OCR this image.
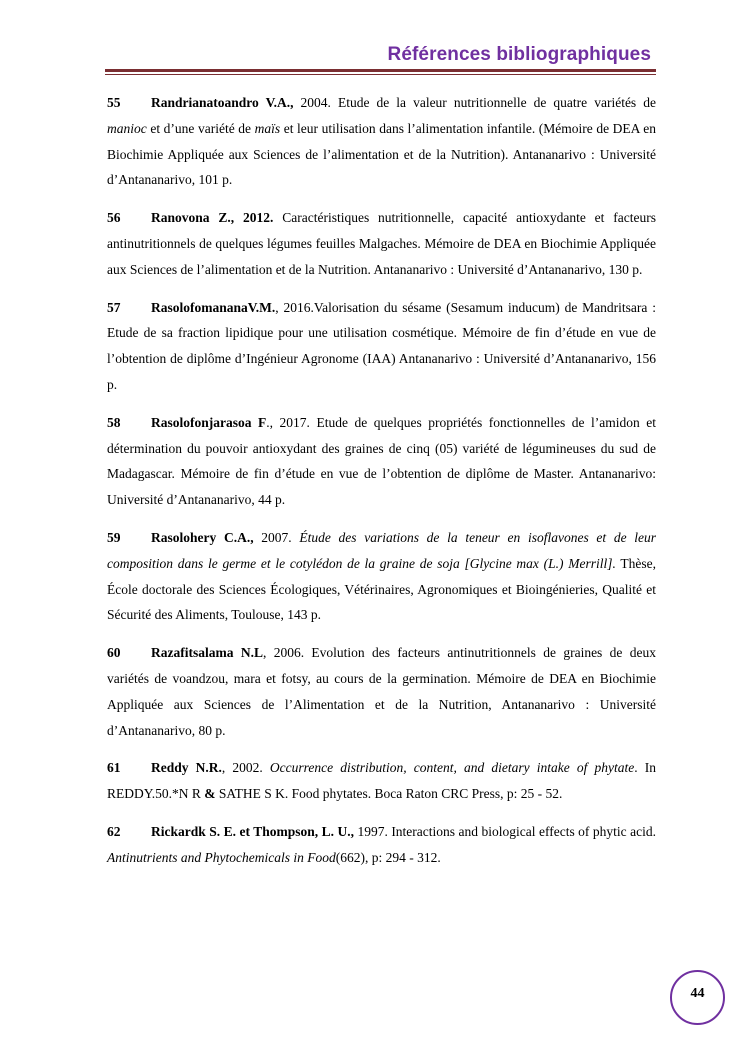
Références bibliographiques

55 Randrianatoandro V.A., 2004. Etude de la valeur nutritionnelle de quatre variétés de manioc et d’une variété de maïs et leur utilisation dans l’alimentation infantile. (Mémoire de DEA en Biochimie Appliquée aux Sciences de l’alimentation et de la Nutrition). Antananarivo : Université d’Antananarivo, 101 p.

56 Ranovona Z., 2012. Caractéristiques nutritionnelle, capacité antioxydante et facteurs antinutritionnels de quelques légumes feuilles Malgaches. Mémoire de DEA en Biochimie Appliquée aux Sciences de l’alimentation et de la Nutrition. Antananarivo : Université d’Antananarivo, 130 p.

57 RasolofomananaV.M., 2016.Valorisation du sésame (Sesamum inducum) de Mandritsara : Etude de sa fraction lipidique pour une utilisation cosmétique. Mémoire de fin d’étude en vue de l’obtention de diplôme d’Ingénieur Agronome (IAA) Antananarivo : Université d’Antananarivo, 156 p.

58 Rasolofonjarasoa F., 2017. Etude de quelques propriétés fonctionnelles de l’amidon et détermination du pouvoir antioxydant des graines de cinq (05) variété de légumineuses du sud de Madagascar. Mémoire de fin d’étude en vue de l’obtention de diplôme de Master. Antananarivo: Université d’Antananarivo, 44 p.

59 Rasolohery C.A., 2007. Étude des variations de la teneur en isoflavones et de leur composition dans le germe et le cotylédon de la graine de soja [Glycine max (L.) Merrill]. Thèse, École doctorale des Sciences Écologiques, Vétérinaires, Agronomiques et Bioingénieries, Qualité et Sécurité des Aliments, Toulouse, 143 p.

60 Razafitsalama N.L, 2006. Evolution des facteurs antinutritionnels de graines de deux variétés de voandzou, mara et fotsy, au cours de la germination. Mémoire de DEA en Biochimie Appliquée aux Sciences de l’Alimentation et de la Nutrition, Antananarivo : Université d’Antananarivo, 80 p.

61 Reddy N.R., 2002. Occurrence distribution, content, and dietary intake of phytate. In REDDY.50.*N R & SATHE S K. Food phytates. Boca Raton CRC Press, p: 25 - 52.

62 Rickardk S. E. et Thompson, L. U., 1997. Interactions and biological effects of phytic acid. Antinutrients and Phytochemicals in Food(662), p: 294 - 312.

44
